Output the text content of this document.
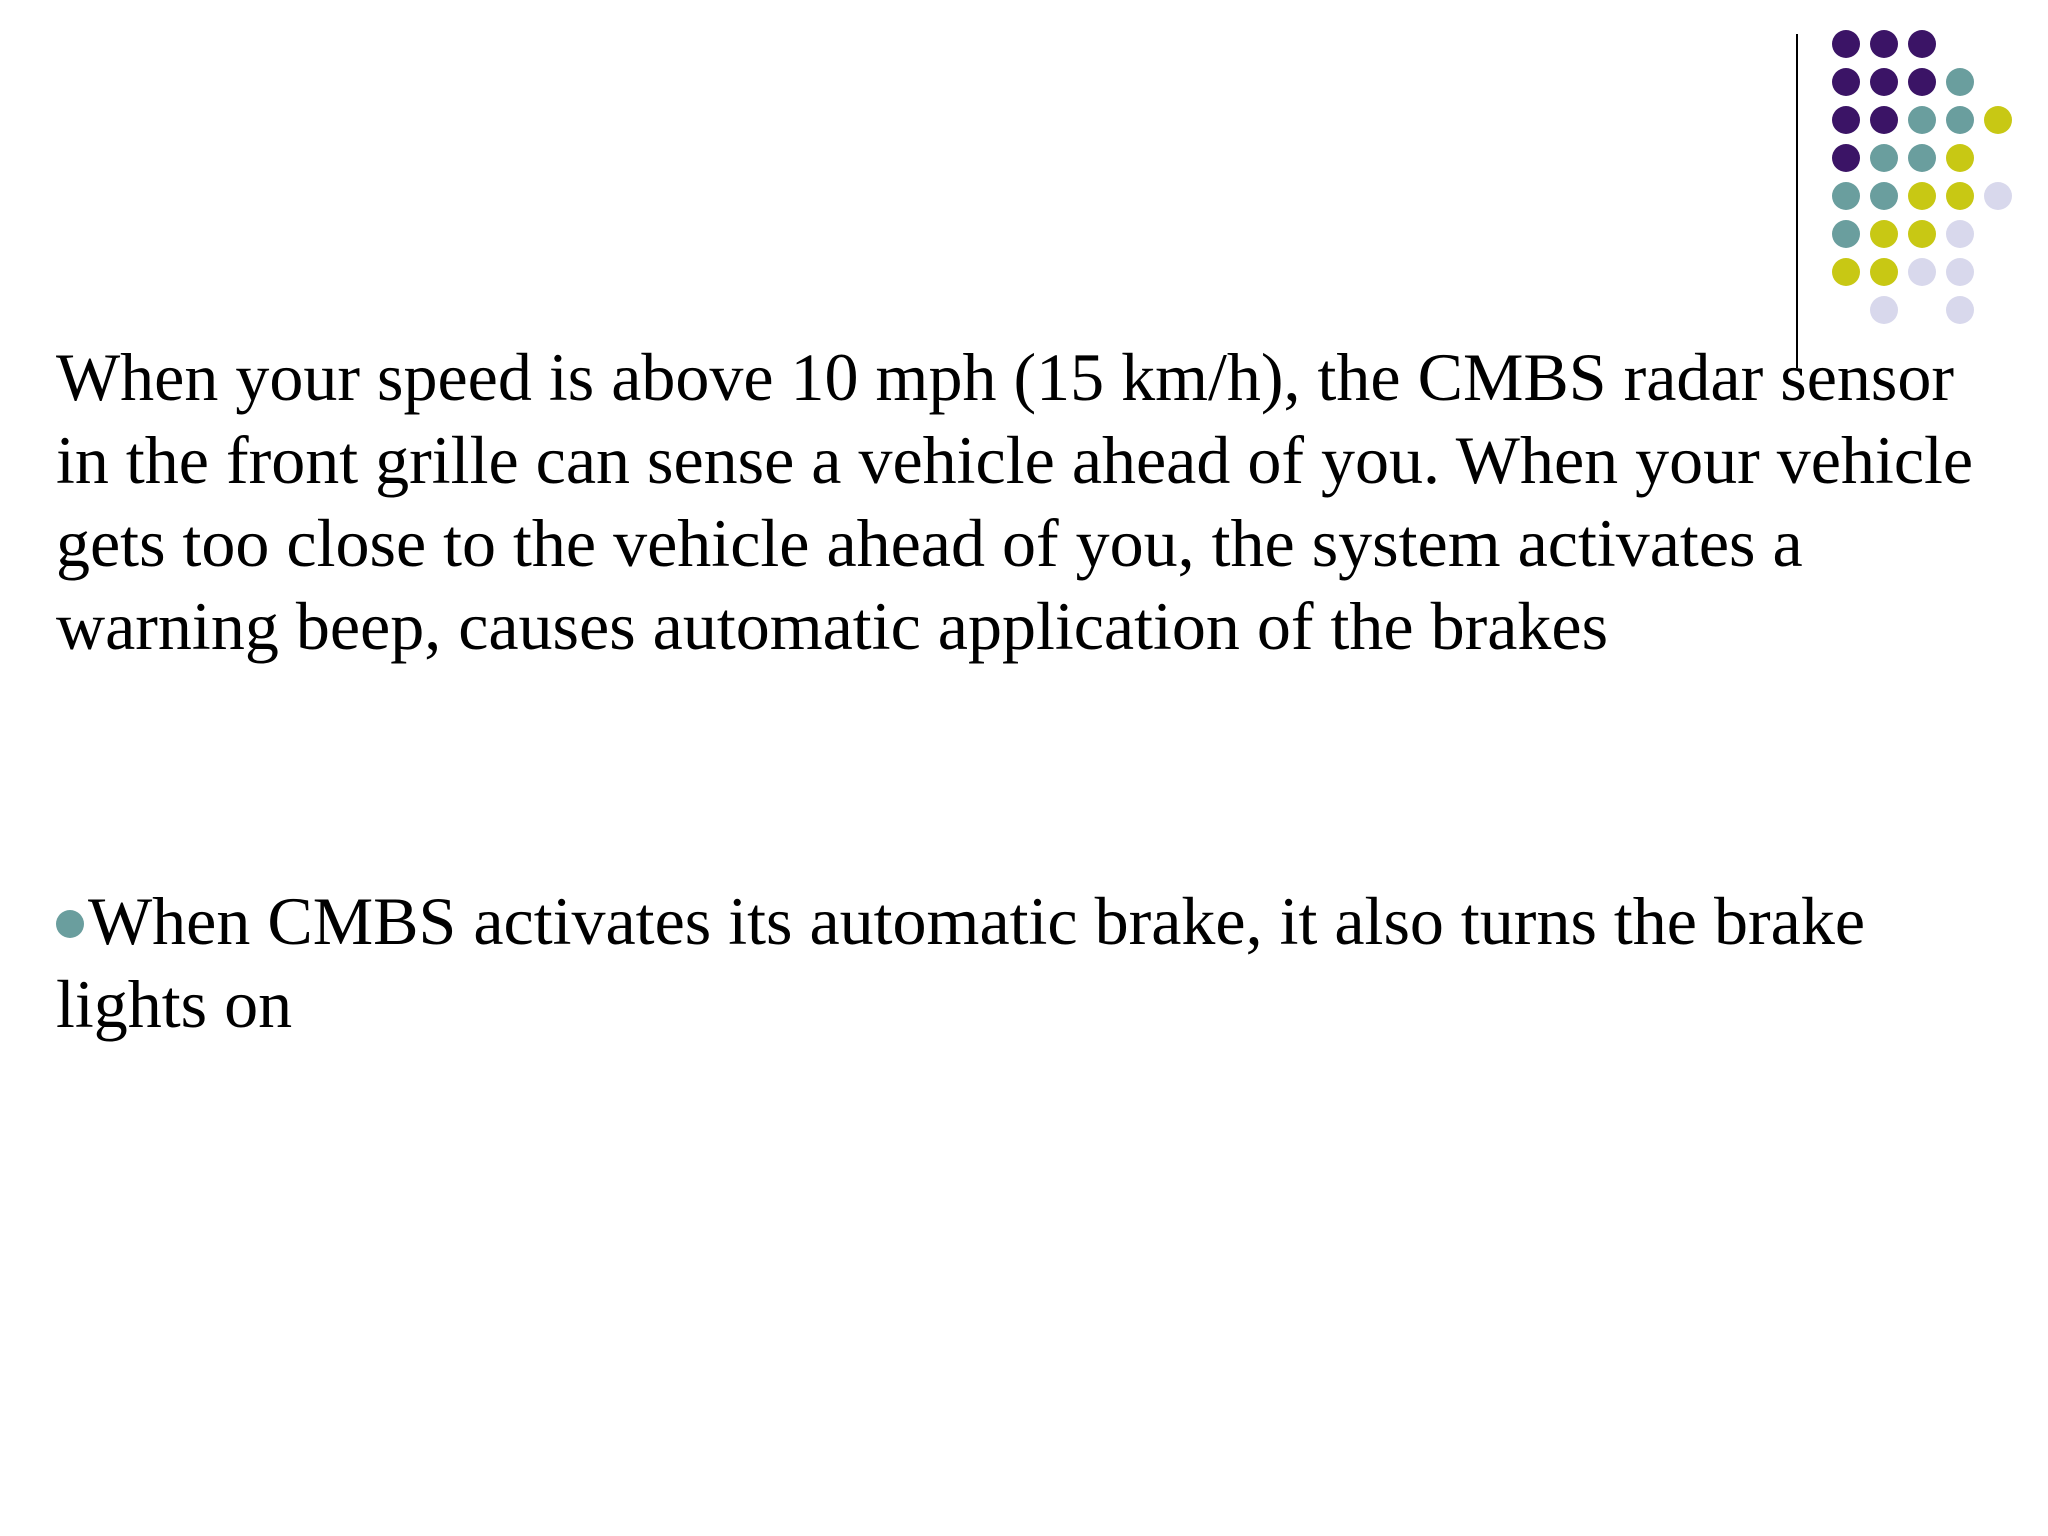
When your speed is above 10 mph (15 km/h), the CMBS radar sensor in the front grille can sense a vehicle ahead of you. When your vehicle gets too close to the vehicle ahead of you, the system activates a warning beep, causes automatic application of the brakes

When CMBS activates its automatic brake, it also turns the brake lights on
